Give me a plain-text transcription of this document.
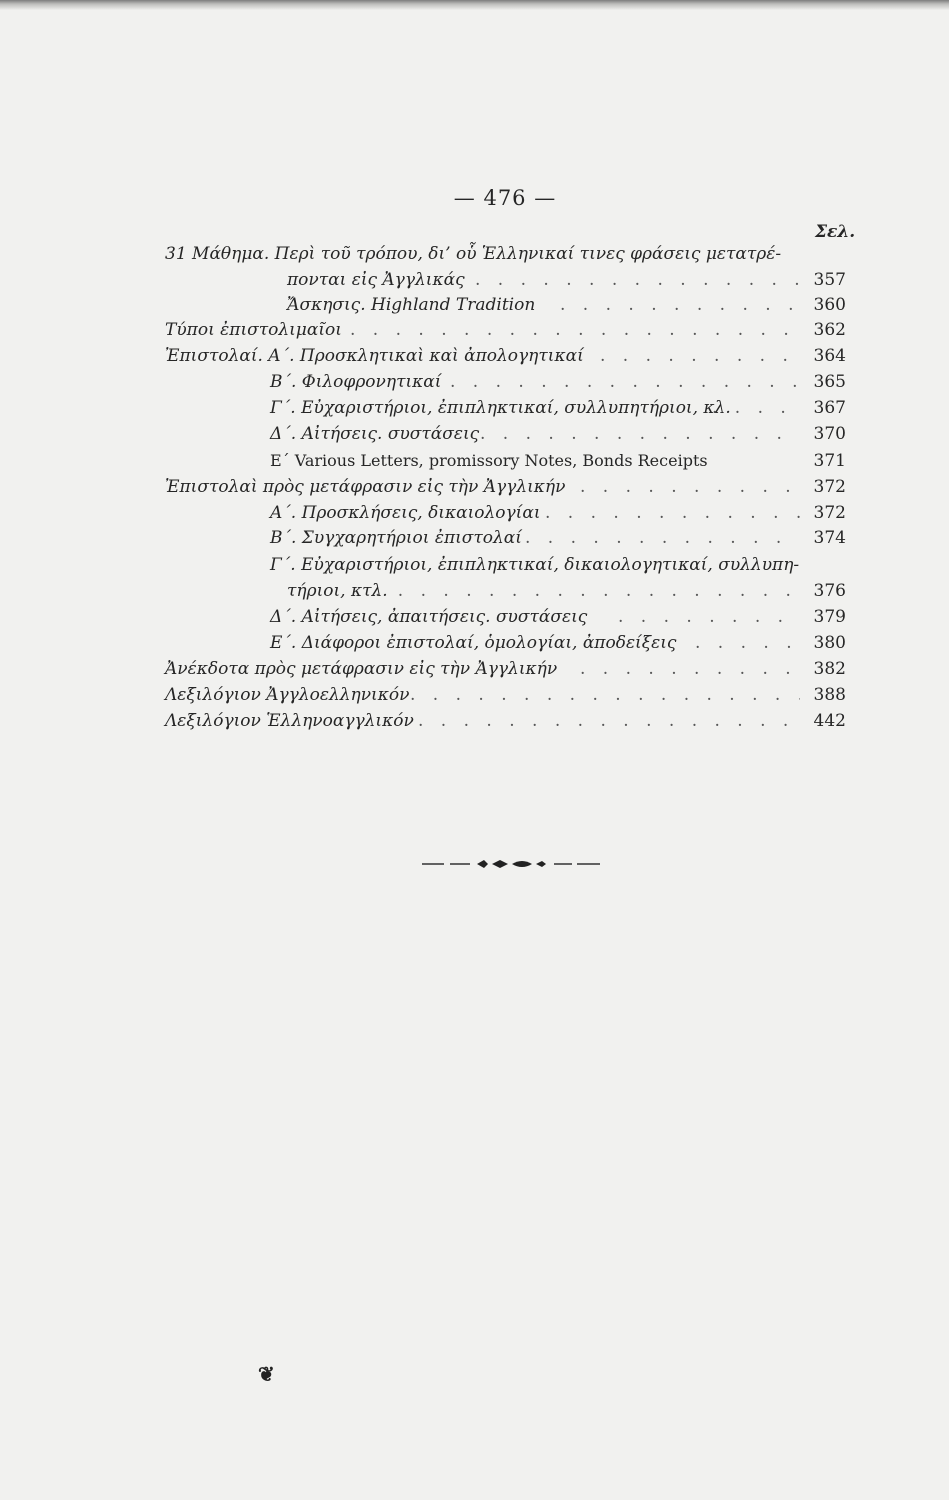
— 476 —
Σελ.
31 Μάθημα. Περὶ τοῦ τρόπου, δι’ οὗ Ἑλληνικαί τινες φράσεις μετατρέ-
πονται εἰς Ἀγγλικάς . . .	357
Ἄσκησις. Highland Tradition . . .	360
Τύποι ἐπιστολιμαῖοι . . .	362
Ἐπιστολαί. Α΄. Προσκλητικαὶ καὶ ἀπολογητικαί . . .	364
Β΄. Φιλοφρονητικαί . . .	365
Γ΄. Εὐχαριστήριοι, ἐπιπληκτικαί, συλλυπητήριοι, κλ. . . .	367
Δ΄. Αἰτήσεις. συστάσεις . . .	370
Ε΄ Various Letters, promissory Notes, Bonds Receipts	371
Ἐπιστολαὶ πρὸς μετάφρασιν εἰς τὴν Ἀγγλικήν . . .	372
Α΄. Προσκλήσεις, δικαιολογίαι . . .	372
Β΄. Συγχαρητήριοι ἐπιστολαί . . .	374
Γ΄. Εὐχαριστήριοι, ἐπιπληκτικαί, δικαιολογητικαί, συλλυπη-
τήριοι, κτλ. . . .	376
Δ΄. Αἰτήσεις, ἀπαιτήσεις. συστάσεις . . .	379
Ε΄. Διάφοροι ἐπιστολαί, ὁμολογίαι, ἀποδείξεις . . .	380
Ἀνέκδοτα πρὸς μετάφρασιν εἰς τὴν Ἀγγλικήν . . .	382
Λεξιλόγιον Ἀγγλοελληνικόν . . .	388
Λεξιλόγιον Ἑλληνοαγγλικόν . . .	442
❦
